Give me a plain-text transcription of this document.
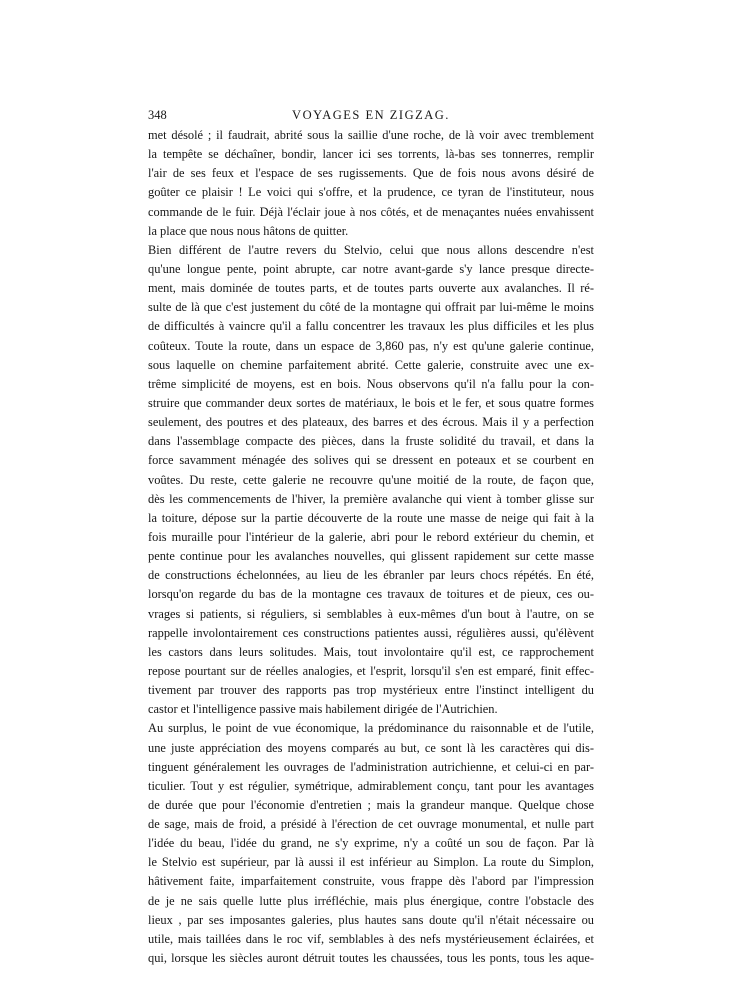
348	VOYAGES EN ZIGZAG.
met désolé ; il faudrait, abrité sous la saillie d'une roche, de là voir avec tremblement
la tempête se déchaîner, bondir, lancer ici ses torrents, là-bas ses tonnerres, remplir
l'air de ses feux et l'espace de ses rugissements. Que de fois nous avons désiré de
goûter ce plaisir ! Le voici qui s'offre, et la prudence, ce tyran de l'instituteur, nous
commande de le fuir. Déjà l'éclair joue à nos côtés, et de menaçantes nuées envahissent
la place que nous nous hâtons de quitter.
Bien différent de l'autre revers du Stelvio, celui que nous allons descendre n'est
qu'une longue pente, point abrupte, car notre avant-garde s'y lance presque directe-
ment, mais dominée de toutes parts, et de toutes parts ouverte aux avalanches. Il ré-
sulte de là que c'est justement du côté de la montagne qui offrait par lui-même le moins
de difficultés à vaincre qu'il a fallu concentrer les travaux les plus difficiles et les plus
coûteux. Toute la route, dans un espace de 3,860 pas, n'y est qu'une galerie continue,
sous laquelle on chemine parfaitement abrité. Cette galerie, construite avec une ex-
trême simplicité de moyens, est en bois. Nous observons qu'il n'a fallu pour la con-
struire que commander deux sortes de matériaux, le bois et le fer, et sous quatre formes
seulement, des poutres et des plateaux, des barres et des écrous. Mais il y a perfection
dans l'assemblage compacte des pièces, dans la fruste solidité du travail, et dans la
force savamment ménagée des solives qui se dressent en poteaux et se courbent en
voûtes. Du reste, cette galerie ne recouvre qu'une moitié de la route, de façon que,
dès les commencements de l'hiver, la première avalanche qui vient à tomber glisse sur
la toiture, dépose sur la partie découverte de la route une masse de neige qui fait à la
fois muraille pour l'intérieur de la galerie, abri pour le rebord extérieur du chemin, et
pente continue pour les avalanches nouvelles, qui glissent rapidement sur cette masse
de constructions échelonnées, au lieu de les ébranler par leurs chocs répétés. En été,
lorsqu'on regarde du bas de la montagne ces travaux de toitures et de pieux, ces ou-
vrages si patients, si réguliers, si semblables à eux-mêmes d'un bout à l'autre, on se
rappelle involontairement ces constructions patientes aussi, régulières aussi, qu'élèvent
les castors dans leurs solitudes. Mais, tout involontaire qu'il est, ce rapprochement
repose pourtant sur de réelles analogies, et l'esprit, lorsqu'il s'en est emparé, finit effec-
tivement par trouver des rapports pas trop mystérieux entre l'instinct intelligent du
castor et l'intelligence passive mais habilement dirigée de l'Autrichien.
Au surplus, le point de vue économique, la prédominance du raisonnable et de l'utile,
une juste appréciation des moyens comparés au but, ce sont là les caractères qui dis-
tinguent généralement les ouvrages de l'administration autrichienne, et celui-ci en par-
ticulier. Tout y est régulier, symétrique, admirablement conçu, tant pour les avantages
de durée que pour l'économie d'entretien ; mais la grandeur manque. Quelque chose
de sage, mais de froid, a présidé à l'érection de cet ouvrage monumental, et nulle part
l'idée du beau, l'idée du grand, ne s'y exprime, n'y a coûté un sou de façon. Par là
le Stelvio est supérieur, par là aussi il est inférieur au Simplon. La route du Simplon,
hâtivement faite, imparfaitement construite, vous frappe dès l'abord par l'impression
de je ne sais quelle lutte plus irréfléchie, mais plus énergique, contre l'obstacle des
lieux , par ses imposantes galeries, plus hautes sans doute qu'il n'était nécessaire ou
utile, mais taillées dans le roc vif, semblables à des nefs mystérieusement éclairées, et
qui, lorsque les siècles auront détruit toutes les chaussées, tous les ponts, tous les aque-
